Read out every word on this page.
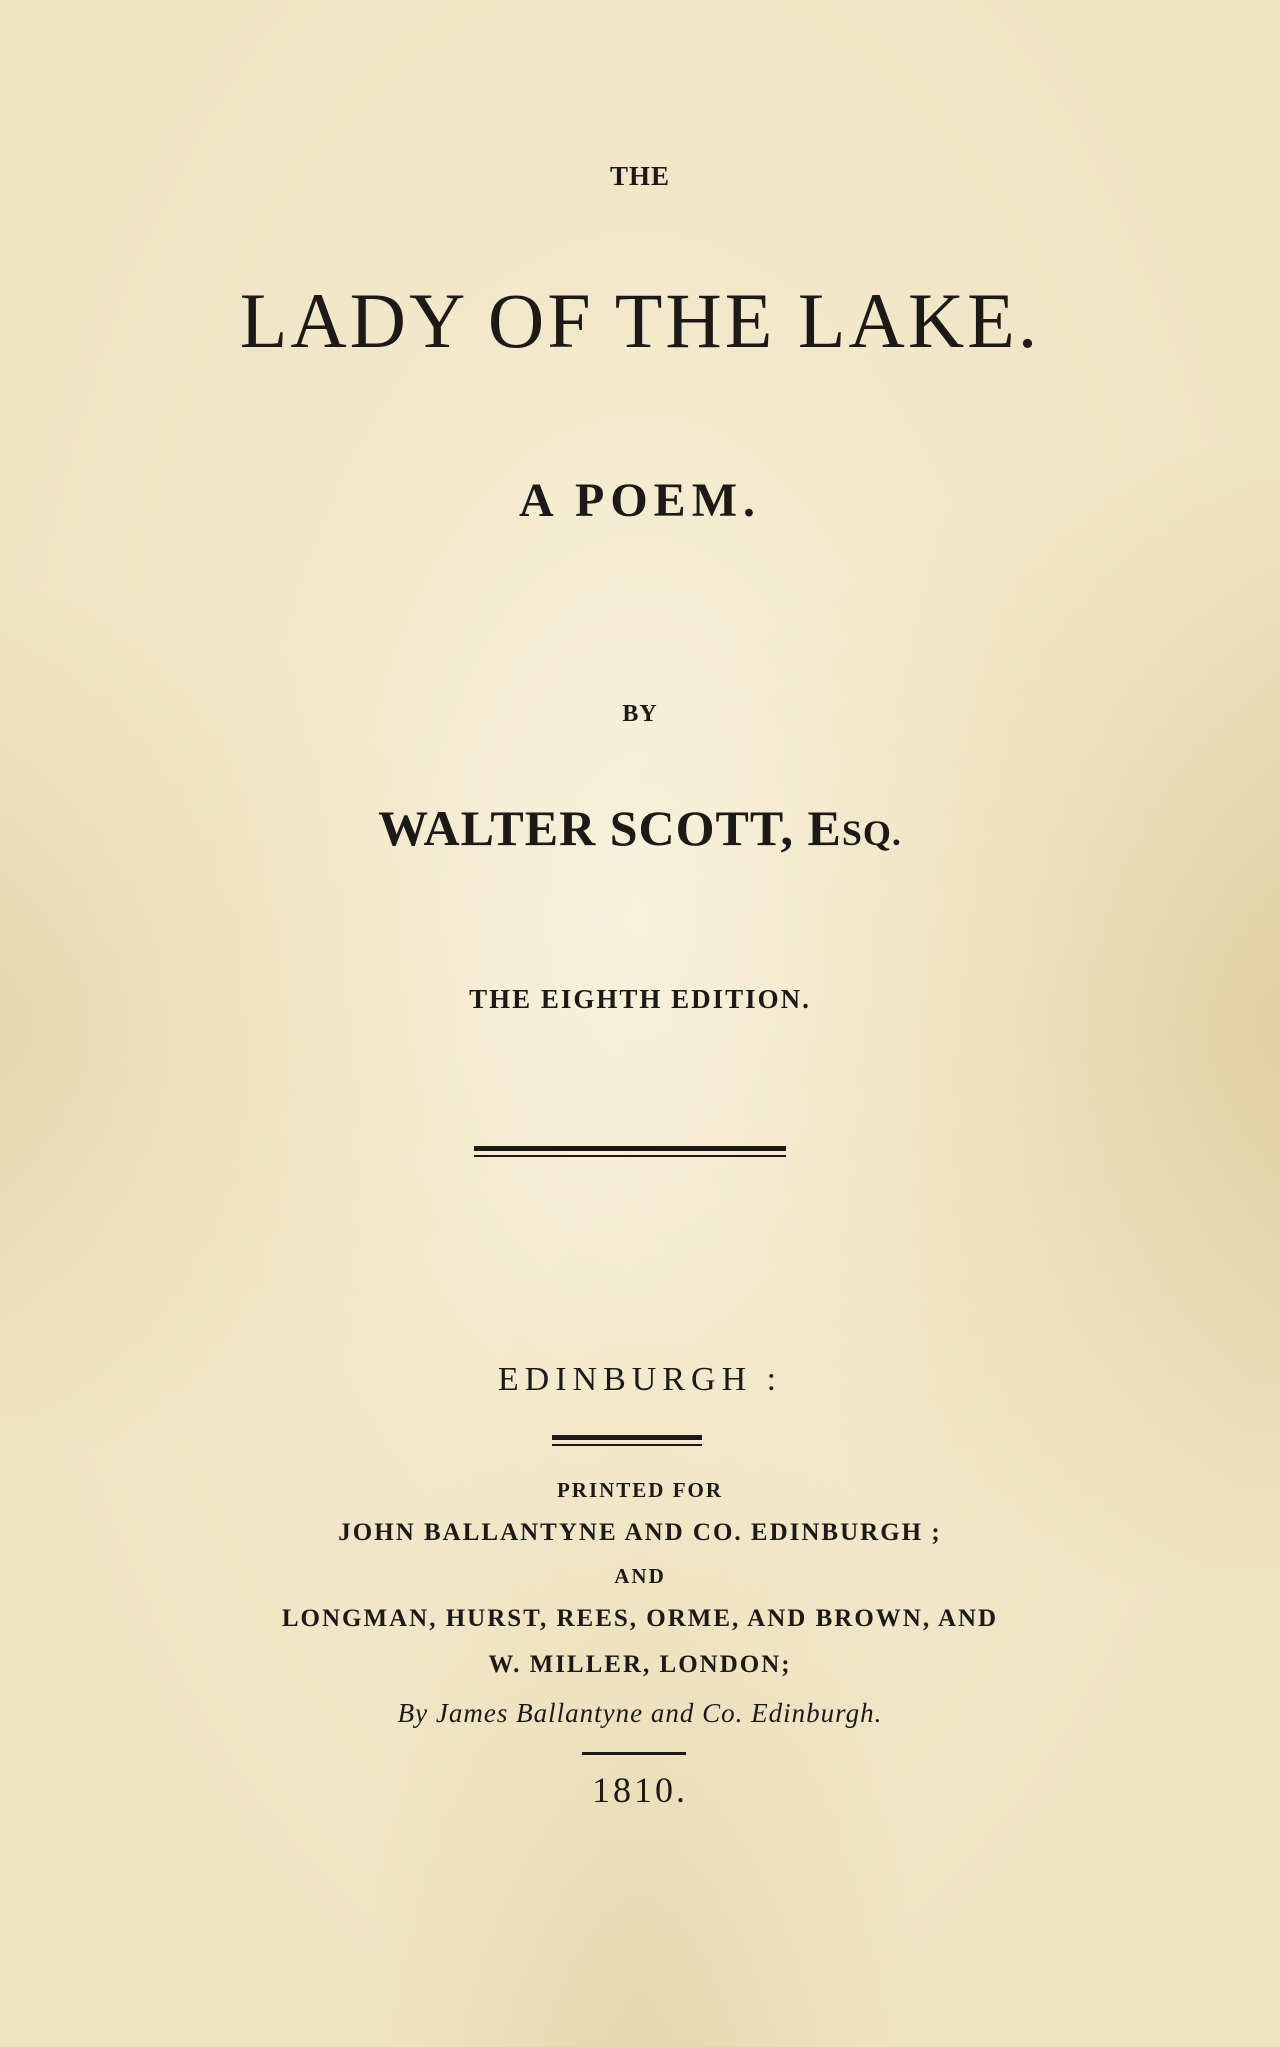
THE
LADY OF THE LAKE.
A POEM.
BY
WALTER SCOTT, ESQ.
THE EIGHTH EDITION.
EDINBURGH :
PRINTED FOR
JOHN BALLANTYNE AND CO. EDINBURGH ;
AND
LONGMAN, HURST, REES, ORME, AND BROWN, AND
W. MILLER, LONDON;
By James Ballantyne and Co. Edinburgh.
1810.
